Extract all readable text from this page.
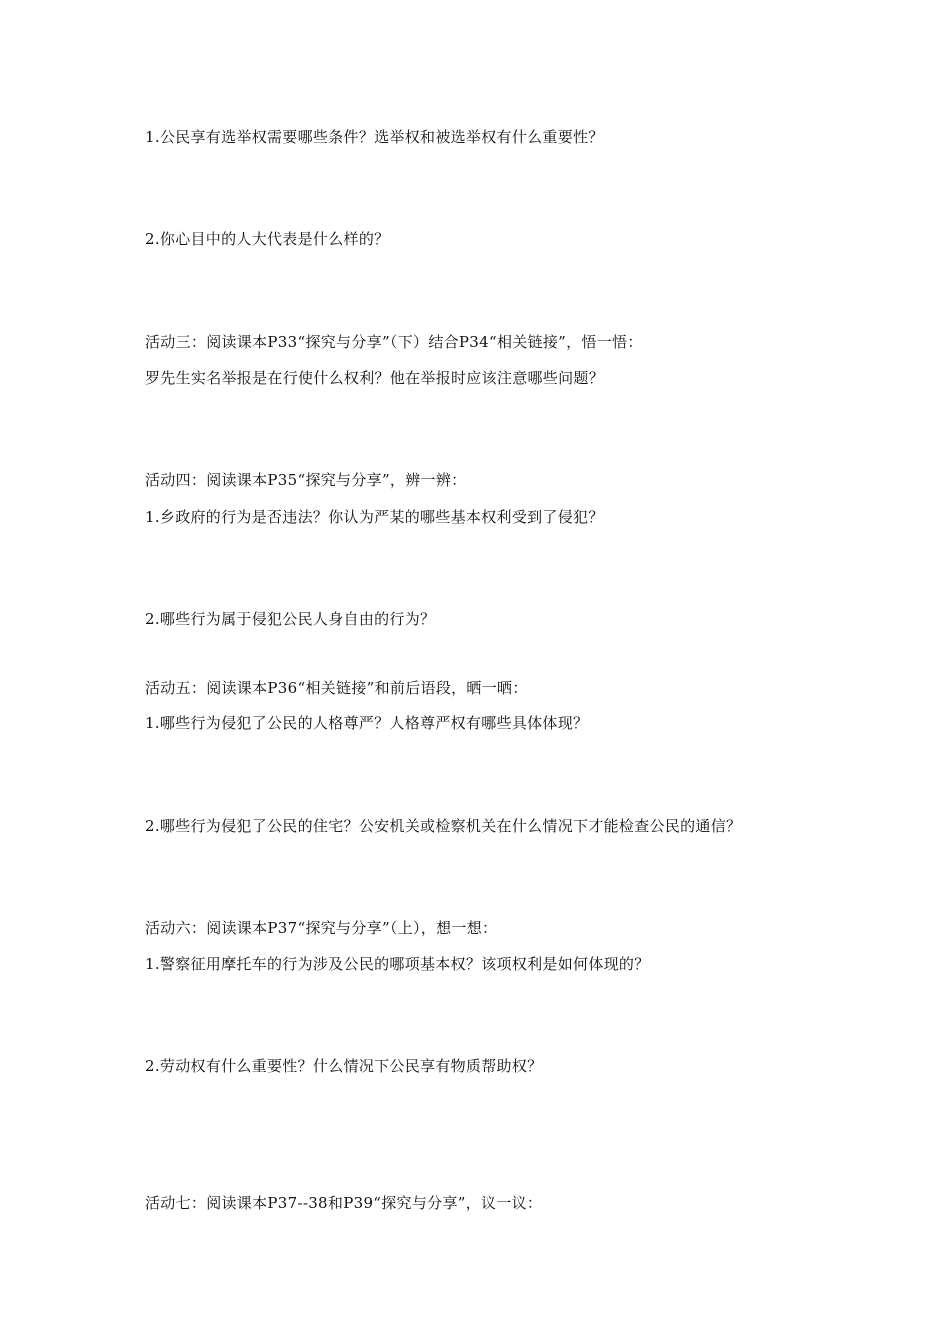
1.公民享有选举权需要哪些条件？选举权和被选举权有什么重要性？
2.你心目中的人大代表是什么样的？
活动三：阅读课本P33“探究与分享”（下）结合P34“相关链接”，悟一悟：
罗先生实名举报是在行使什么权利？他在举报时应该注意哪些问题？
活动四：阅读课本P35“探究与分享”，辨一辨：
1.乡政府的行为是否违法？你认为严某的哪些基本权利受到了侵犯？
2.哪些行为属于侵犯公民人身自由的行为？
活动五：阅读课本P36“相关链接”和前后语段，晒一晒：
1.哪些行为侵犯了公民的人格尊严？人格尊严权有哪些具体体现？
2.哪些行为侵犯了公民的住宅？公安机关或检察机关在什么情况下才能检查公民的通信？
活动六：阅读课本P37“探究与分享”（上），想一想：
1.警察征用摩托车的行为涉及公民的哪项基本权？该项权利是如何体现的？
2.劳动权有什么重要性？什么情况下公民享有物质帮助权？
活动七：阅读课本P37--38和P39“探究与分享”，议一议：
